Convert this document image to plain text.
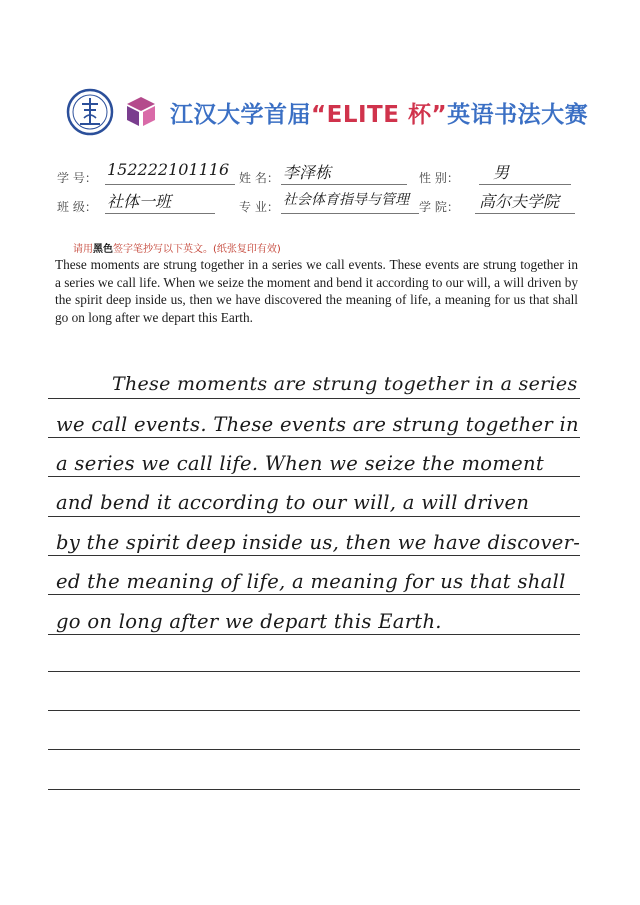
江汉大学首届“ELITE 杯”英语书法大赛
学 号： 152222101116 姓 名： 李泽栋	性 别： 男
班 级： 社体一班	专 业： 社会体育指导与管理 学 院： 高尔夫学院
请用黑色签字笔抄写以下英文。(纸张复印有效)
These moments are strung together in a series we call events. These events are strung together in a series we call life. When we seize the moment and bend it according to our will, a will driven by the spirit deep inside us, then we have discovered the meaning of life, a meaning for us that shall go on long after we depart this Earth.
These moments are strung together in a series
we call events. These events are strung together in
a series we call life. When we seize the moment
and bend it according to our will, a will driven
by the spirit deep inside us, then we have discover-
ed the meaning of life, a meaning for us that shall
go on long after we depart this Earth.
